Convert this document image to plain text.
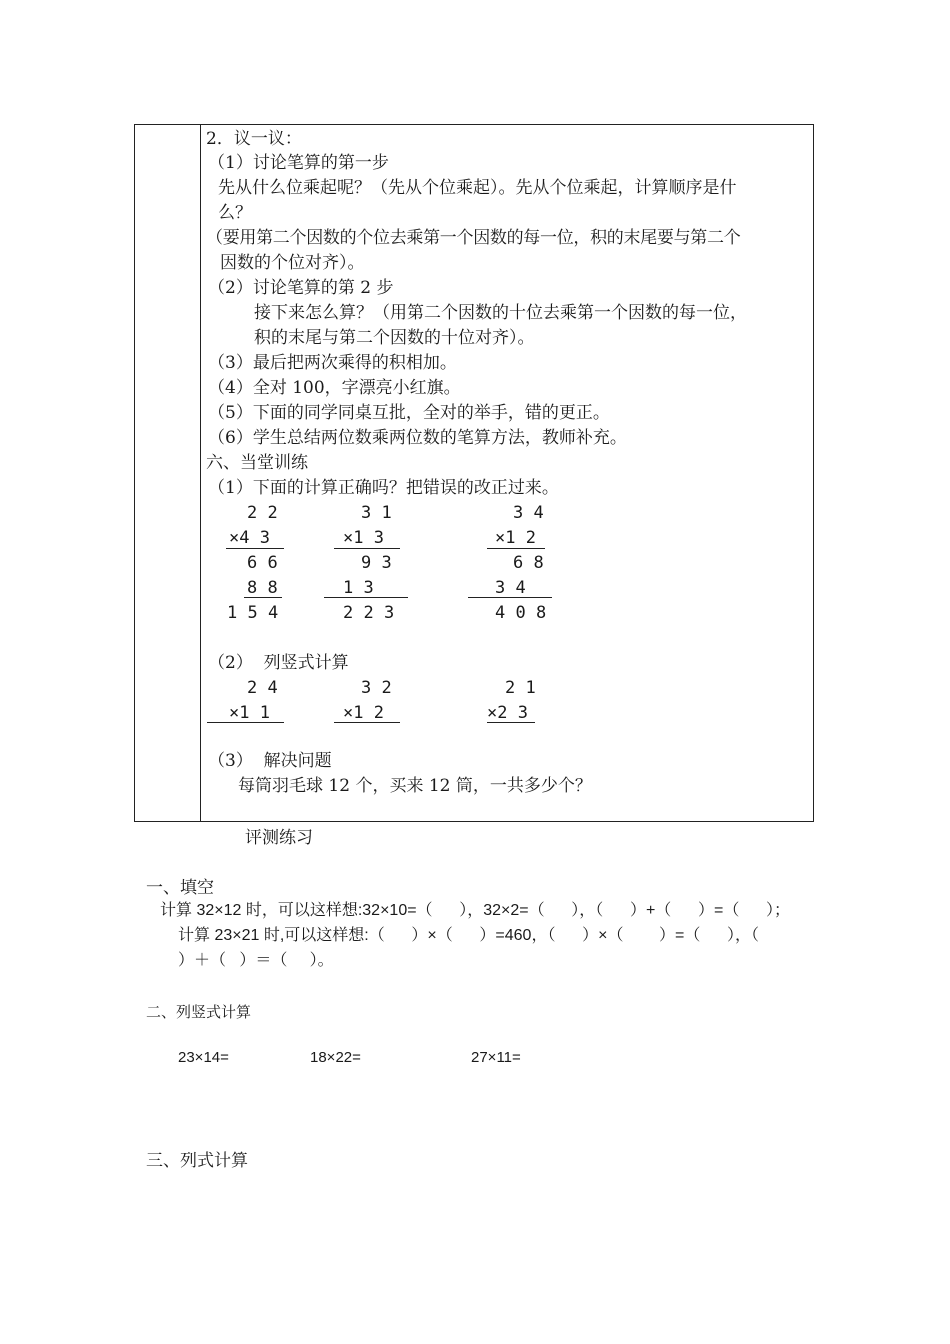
2．议一议：
（1）讨论笔算的第一步
先从什么位乘起呢？（先从个位乘起）。先从个位乘起，计算顺序是什
么？
（要用第二个因数的个位去乘第一个因数的每一位，积的末尾要与第二个
因数的个位对齐）。
（2）讨论笔算的第 2 步
接下来怎么算？（用第二个因数的十位去乘第一个因数的每一位，
积的末尾与第二个因数的十位对齐）。
（3）最后把两次乘得的积相加。
（4）全对 100，字漂亮小红旗。
（5）下面的同学同桌互批，全对的举手，错的更正。
（6）学生总结两位数乘两位数的笔算方法，教师补充。
六、当堂训练
（1）下面的计算正确吗？把错误的改正过来。
2 2
×4 3
6 6
8 8
1 5 4
3 1
×1 3
9 3
1 3
2 2 3
3 4
×1 2
6 8
3 4
4 0 8
（2）  列竖式计算
2 4
×1 1
3 2
×1 2
2 1
×2 3
（3）  解决问题
每筒羽毛球 12 个，买来 12 筒，一共多少个？
评测练习
一、填空
计算 32×12 时，可以这样想:32×10=（      ），32×2=（      ），（      ）+（      ）=（      ）；
计算 23×21 时,可以这样想:（      ）×（      ）=460，（      ）×（        ）=（      ），（
）＋（   ）＝（     ）。
二、列竖式计算
23×14=	18×22=	27×11=
三、列式计算
